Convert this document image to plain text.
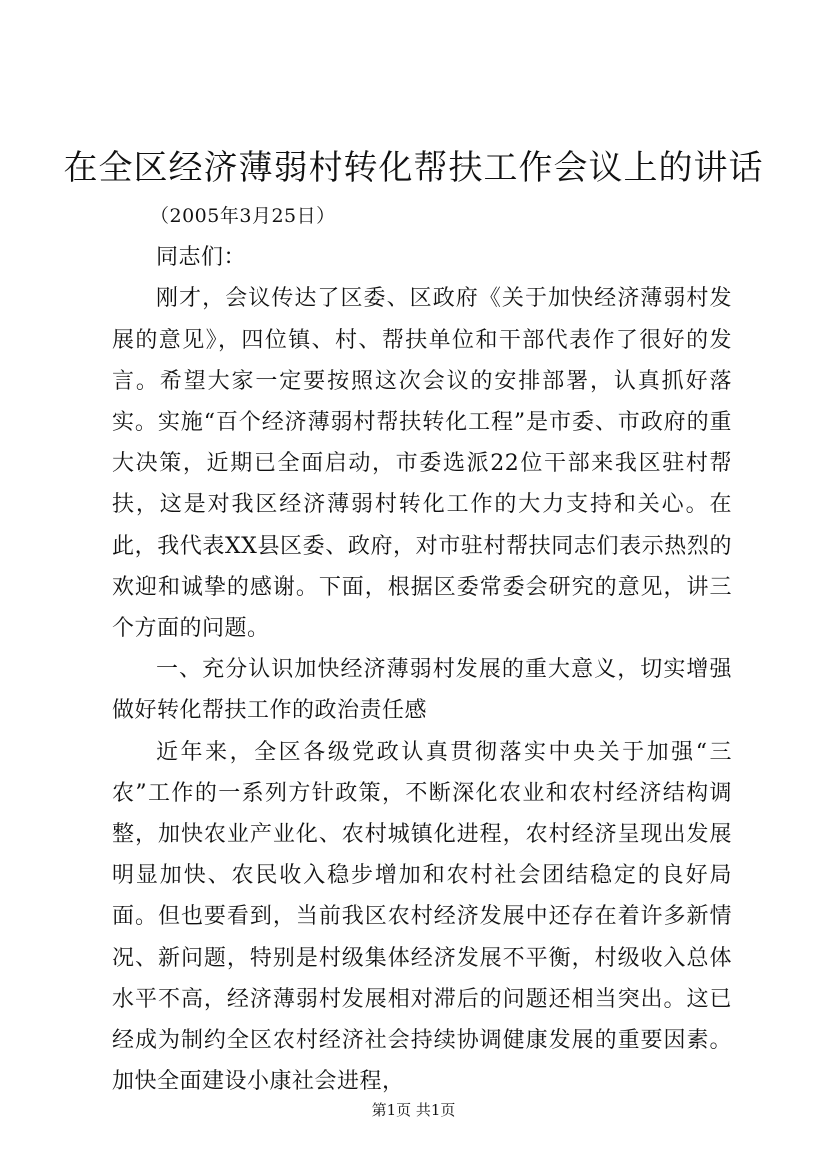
在全区经济薄弱村转化帮扶工作会议上的讲话

（2005年3月25日）

同志们：

刚才，会议传达了区委、区政府《关于加快经济薄弱村发展的意见》，四位镇、村、帮扶单位和干部代表作了很好的发言。希望大家一定要按照这次会议的安排部署，认真抓好落实。实施“百个经济薄弱村帮扶转化工程”是市委、市政府的重大决策，近期已全面启动，市委选派22位干部来我区驻村帮扶，这是对我区经济薄弱村转化工作的大力支持和关心。在此，我代表XX县区委、政府，对市驻村帮扶同志们表示热烈的欢迎和诚挚的感谢。下面，根据区委常委会研究的意见，讲三个方面的问题。

一、充分认识加快经济薄弱村发展的重大意义，切实增强做好转化帮扶工作的政治责任感

近年来，全区各级党政认真贯彻落实中央关于加强“三农”工作的一系列方针政策，不断深化农业和农村经济结构调整，加快农业产业化、农村城镇化进程，农村经济呈现出发展明显加快、农民收入稳步增加和农村社会团结稳定的良好局面。但也要看到，当前我区农村经济发展中还存在着许多新情况、新问题，特别是村级集体经济发展不平衡，村级收入总体水平不高，经济薄弱村发展相对滞后的问题还相当突出。这已经成为制约全区农村经济社会持续协调健康发展的重要因素。加快全面建设小康社会进程，

第1页 共1页
